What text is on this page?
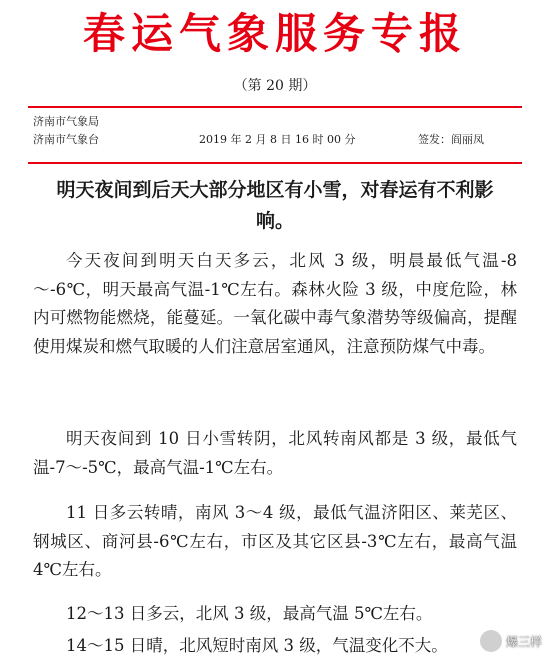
春运气象服务专报
（第 20 期）
济南市气象局
济南市气象台	2019 年 2 月 8 日 16 时 00 分	签发：阎丽凤
明天夜间到后天大部分地区有小雪，对春运有不利影响。

今天夜间到明天白天多云，北风 3 级，明晨最低气温-8～-6℃，明天最高气温-1℃左右。森林火险 3 级，中度危险，林内可燃物能燃烧，能蔓延。一氧化碳中毒气象潜势等级偏高，提醒使用煤炭和燃气取暖的人们注意居室通风，注意预防煤气中毒。

明天夜间到 10 日小雪转阴，北风转南风都是 3 级，最低气温-7～-5℃，最高气温-1℃左右。

11 日多云转晴，南风 3～4 级，最低气温济阳区、莱芜区、钢城区、商河县-6℃左右，市区及其它区县-3℃左右，最高气温 4℃左右。

12～13 日多云，北风 3 级，最高气温 5℃左右。

14～15 日晴，北风短时南风 3 级，气温变化不大。	爆三样
